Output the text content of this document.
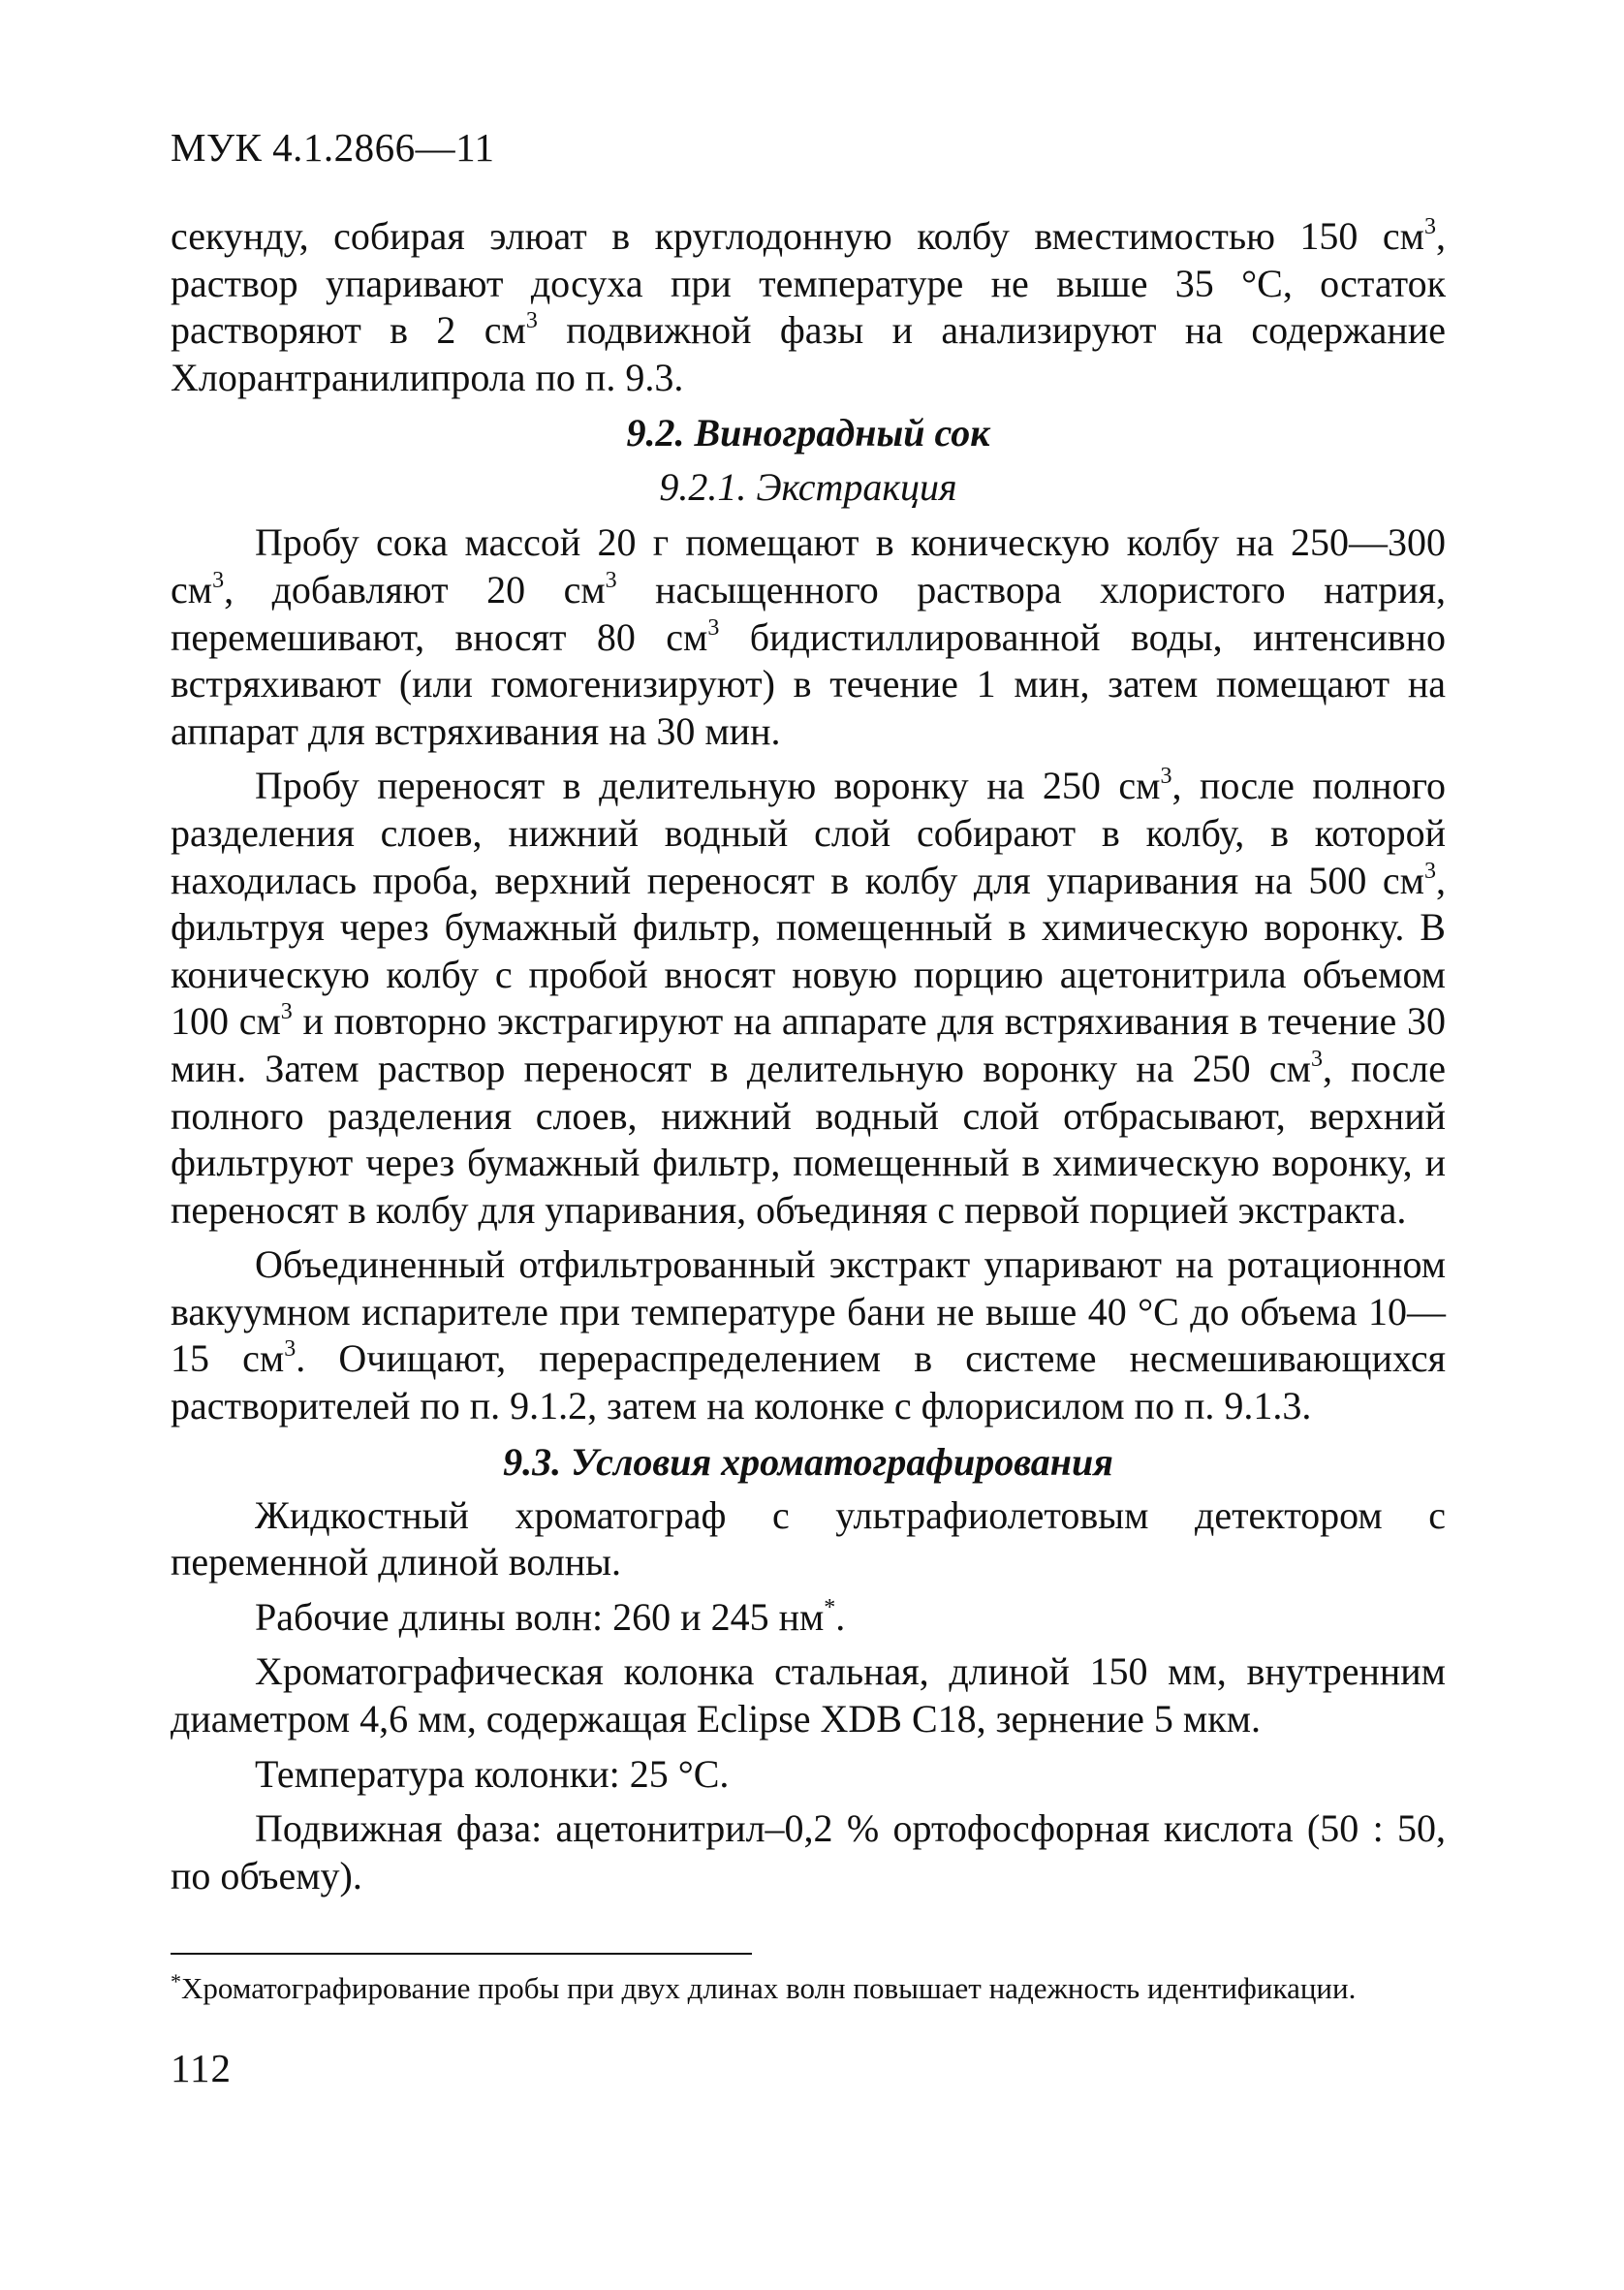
МУК 4.1.2866—11

секунду, собирая элюат в круглодонную колбу вместимостью 150 $см^3$, раствор упаривают досуха при температуре не выше 35 °С, остаток растворяют в 2 $см^3$ подвижной фазы и анализируют на содержание Хлорантранилипрола по п. 9.3.

9.2. Виноградный сок
9.2.1. Экстракция

Пробу сока массой 20 г помещают в коническую колбу на 250—300 $см^3$, добавляют 20 $см^3$ насыщенного раствора хлористого натрия, перемешивают, вносят 80 $см^3$ бидистиллированной воды, интенсивно встряхивают (или гомогенизируют) в течение 1 мин, затем помещают на аппарат для встряхивания на 30 мин.

Пробу переносят в делительную воронку на 250 $см^3$, после полного разделения слоев, нижний водный слой собирают в колбу, в которой находилась проба, верхний переносят в колбу для упаривания на 500 $см^3$, фильтруя через бумажный фильтр, помещенный в химическую воронку. В коническую колбу с пробой вносят новую порцию ацетонитрила объемом 100 $см^3$ и повторно экстрагируют на аппарате для встряхивания в течение 30 мин. Затем раствор переносят в делительную воронку на 250 $см^3$, после полного разделения слоев, нижний водный слой отбрасывают, верхний фильтруют через бумажный фильтр, помещенный в химическую воронку, и переносят в колбу для упаривания, объединяя с первой порцией экстракта.

Объединенный отфильтрованный экстракт упаривают на ротационном вакуумном испарителе при температуре бани не выше 40 °С до объема 10—15 $см^3$. Очищают, перераспределением в системе несмешивающихся растворителей по п. 9.1.2, затем на колонке с флорисилом по п. 9.1.3.

9.3. Условия хроматографирования

Жидкостный хроматограф с ультрафиолетовым детектором с переменной длиной волны.

Рабочие длины волн: 260 и 245 нм*.

Хроматографическая колонка стальная, длиной 150 мм, внутренним диаметром 4,6 мм, содержащая Eclipse XDB C18, зернение 5 мкм.

Температура колонки: 25 °С.

Подвижная фаза: ацетонитрил–0,2 % ортофосфорная кислота (50 : 50, по объему).

*Хроматографирование пробы при двух длинах волн повышает надежность идентификации.
112
